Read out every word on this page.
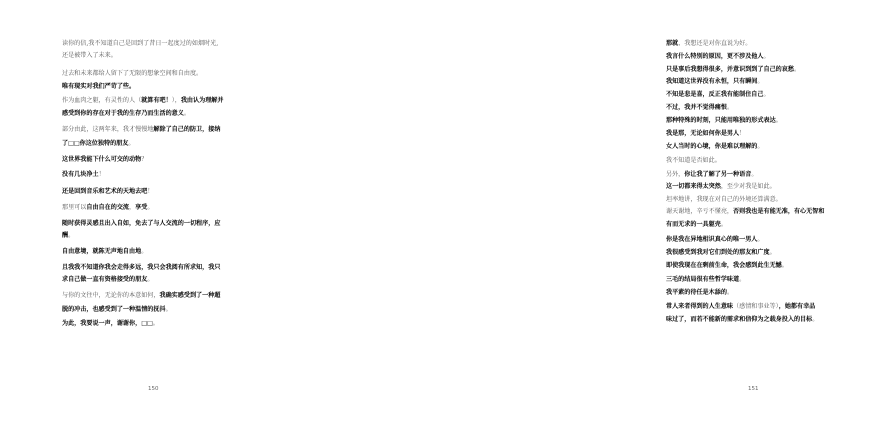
读你的信,我不知道自己是回到了昔日一起度过的如烟时光,
还是被带入了未来。
过去和未来都给人留下了无限的想象空间和自由度。
唯有现实对我们严苛了些。
作为血肉之躯，有灵性的人（就算有吧！），我由认为理解并
感受到你的存在对于我的生存乃而生活的意义。
部分由此，这两年来，我才慢慢地解除了自己的防卫，接纳
了□□你这位独特的朋友。
这世界我能下什么可交的动物？
没有几块净土！
还是回到音乐和艺术的天地去吧！
那里可以自由自在的交流，享受。
随时获得灵感且出入自如，免去了与人交流的一切程序，应
酬。
自由意境，就陈无声地自由地。
且我我不知道你我会走得多远，我只会我阅有所求知，我只
求自己做一直有资格接受的朋友。
与你的文往中，无论你的本意如何，我确实感受到了一种超
脱的冲击，也感受到了一种温情的抚抖。
为此，我要说一声，谢谢你，□□。
150
那就、我想还是对你直说为好。
我言什么特别的原因，更不涉及他人。
只是事后我想得很多，并意识到到了自己的哀愁。
我知道这世界没有永恒，只有瞬间。
不知是悲是喜，反正我有能制住自己。
不过，我并不觉得痛恨。
那种特殊的时刻，只能用唯独的形式表达。
我是那，无论如何你是男人！
女人当时的心境，你是难以理解的。
我不知道是否如此。
另外，你让我了解了另一种语音。
这一切都来得太突然，至少对我是如此。
坦率地讲，我现在对自己的外境还算满意。
谢天谢地，辛亏不懂亮，否则我也是有能无准，有心无智和
有而无求的一具躯壳。
你是我在异地相识真心的唯一男人。
我很感受到我对它们到处的那友和广度。
即使我现在在剩前生命，我会感到此生无憾。
三毛的结局很有些哲学味道。
我平素的待任是木舔的。
常人来者得到的人生意味（感情和事业等），她都有幸品
味过了，而若不能新的需求和信仰为之载身投入的目标。
151
